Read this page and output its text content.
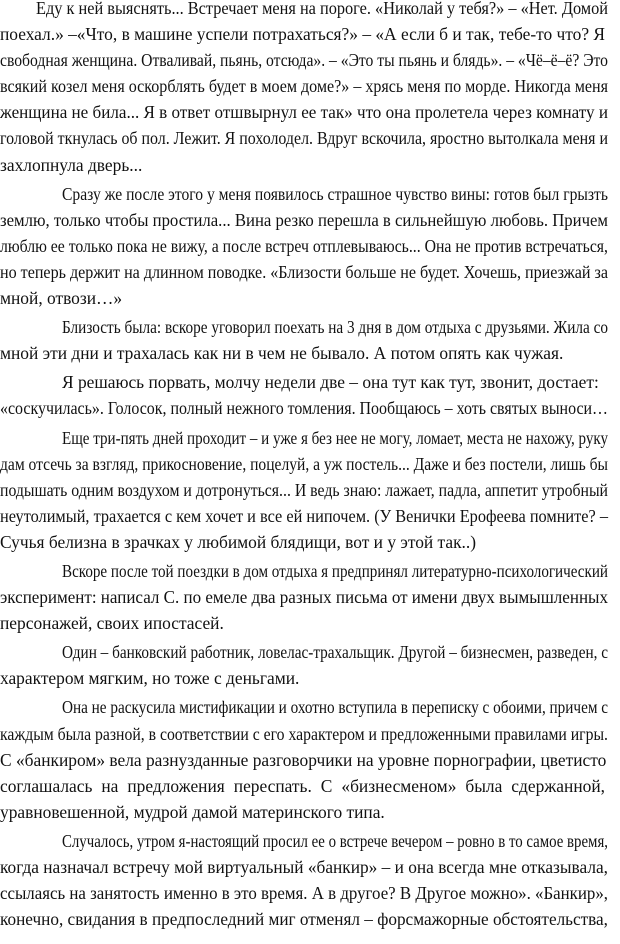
Еду к ней выяснять... Встречает меня на пороге. «Николай у тебя?» – «Нет. Домой
поехал.» –«Что, в машине успели потрахаться?» – «А если б и так, тебе-то что? Я
свободная женщина. Отваливай, пьянь, отсюда». – «Это ты пьянь и блядь». – «Чё–ё–ё? Это
всякий козел меня оскорблять будет в моем доме?» – хрясь меня по морде. Никогда меня
женщина не била... Я в ответ отшвырнул ее так» что она пролетела через комнату и
головой ткнулась об пол. Лежит. Я похолодел. Вдруг вскочила, яростно вытолкала меня и
захлопнула дверь...
Сразу же после этого у меня появилось страшное чувство вины: готов был грызть
землю, только чтобы простила... Вина резко перешла в сильнейшую любовь. Причем
люблю ее только пока не вижу, а после встреч отплевываюсь... Она не против встречаться,
но теперь держит на длинном поводке. «Близости больше не будет. Хочешь, приезжай за
мной, отвози…»
Близость была: вскоре уговорил поехать на 3 дня в дом отдыха с друзьями. Жила со
мной эти дни и трахалась как ни в чем не бывало. А потом опять как чужая.
Я решаюсь порвать, молчу недели две – она тут как тут, звонит, достает:
«соскучилась». Голосок, полный нежного томления. Пообщаюсь – хоть святых выноси…
Еще три-пять дней проходит – и уже я без нее не могу, ломает, места не нахожу, руку
дам отсечь за взгляд, прикосновение, поцелуй, а уж постель... Даже и без постели, лишь бы
подышать одним воздухом и дотронуться... И ведь знаю: лажает, падла, аппетит утробный
неутолимый, трахается с кем хочет и все ей нипочем. (У Венички Ерофеева помните? –
Сучья белизна в зрачках у любимой блядищи, вот и у этой так..)
Вскоре после той поездки в дом отдыха я предпринял литературно-психологический
эксперимент: написал С. по емеле два разных письма от имени двух вымышленных
персонажей, своих ипостасей.
Один – банковский работник, ловелас-трахальщик. Другой – бизнесмен, разведен, с
характером мягким, но тоже с деньгами.
Она не раскусила мистификации и охотно вступила в переписку с обоими, причем с
каждым была разной, в соответствии с его характером и предложенными правилами игры.
С «банкиром» вела разнузданные разговорчики на уровне порнографии, цветисто
соглашалась на предложения переспать. С «бизнесменом» была сдержанной,
уравновешенной, мудрой дамой материнского типа.
Случалось, утром я-настоящий просил ее о встрече вечером – ровно в то самое время,
когда назначал встречу мой виртуальный «банкир» – и она всегда мне отказывала,
ссылаясь на занятость именно в это время. А в другое? В Другое можно». «Банкир»,
конечно, свидания в предпоследний миг отменял – форсмажорные обстоятельства,
